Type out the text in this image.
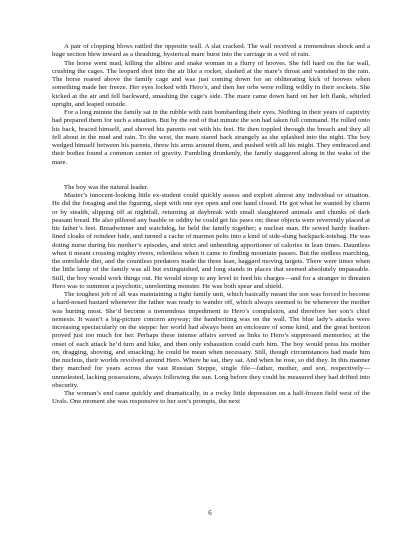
A pair of clopping blows rattled the opposite wall. A slat cracked. The wall received a tremendous shock and a huge section blew inward as a thrashing, hysterical mare burst into the carriage in a veil of rain.

The horse went mad, killing the albino and snake woman in a flurry of hooves. She fell hard on the far wall, crushing the cages. The leopard shot into the air like a rocket, slashed at the mare’s throat and vanished in the rain. The horse reared above the family cage and was just coming down for an obliterating kick of hooves when something made her freeze. Her eyes locked with Hero’s, and then her orbs were rolling wildly in their sockets. She kicked at the air and fell backward, smashing the cage’s side. The mare came down hard on her left flank, whirled upright, and leaped outside.

For a long minute the family sat in the rubble with rain bombarding their eyes. Nothing in their years of captivity had prepared them for such a situation. But by the end of that minute the son had taken full command. He rolled onto his back, braced himself, and shoved his parents out with his feet. He then toppled through the breach and they all fell about in the mud and rain. To the west, the mare stared back strangely as she splashed into the night. The boy wedged himself between his parents, threw his arms around them, and pushed with all his might. They embraced and their bodies found a common center of gravity. Fumbling drunkenly, the family staggered along in the wake of the mare.

The boy was the natural leader.

Master’s innocent-looking little ex-student could quickly assess and exploit almost any individual or situation. He did the foraging and the figuring, slept with one eye open and one hand closed. He got what he wanted by charm or by stealth, slipping off at nightfall, returning at daybreak with small slaughtered animals and chunks of dark peasant bread. He also pilfered any bauble or oddity he could get his paws on; these objects were reverently placed at his father’s feet. Breadwinner and watchdog, he held the family together; a nuclear man. He sewed hardy feather-lined cloaks of reindeer hide, and turned a cache of marmot pelts into a kind of side-slung backpack-totebag. He was doting nurse during his mother’s episodes, and strict and unbending apportioner of calories in lean times. Dauntless when it meant crossing mighty rivers, relentless when it came to finding mountain passes. But the endless marching, the unreliable diet, and the countless predators made the three lean, haggard moving targets. There were times when the little lamp of the family was all but extinguished, and long stands in places that seemed absolutely impassable. Still, the boy would work things out. He would stoop to any level to feed his charges—and for a stranger to threaten Hero was to summon a psychotic, unrelenting monster. He was both spear and shield.

The toughest job of all was maintaining a tight family unit, which basically meant the son was forced to become a hard-nosed bastard whenever the father was ready to wander off, which always seemed to be whenever the mother was hurting most. She’d become a tremendous impediment to Hero’s compulsion, and therefore her son’s chief nemesis. It wasn’t a big-picture concern anyway; the handwriting was on the wall. The blue lady’s attacks were increasing spectacularly on the steppe: her world had always been an enclosure of some kind, and the great horizon proved just too much for her. Perhaps these intense affairs served as links to Hero’s suppressed memories; at the onset of each attack he’d turn and hike, and then only exhaustion could curb him. The boy would press his mother on, dragging, shoving, and smacking; he could be mean when necessary. Still, though circumstances had made him the nucleus, their worlds revolved around Hero. Where he sat, they sat. And when he rose, so did they. In this manner they marched for years across the vast Russian Steppe, single file—father, mother, and son, respectively—unmolested, lacking possessions, always following the sun. Long before they could be measured they had drifted into obscurity.

The woman’s end came quickly and dramatically, in a rocky little depression on a half-frozen field west of the Urals. One moment she was responsive to her son’s prompts, the next

6
